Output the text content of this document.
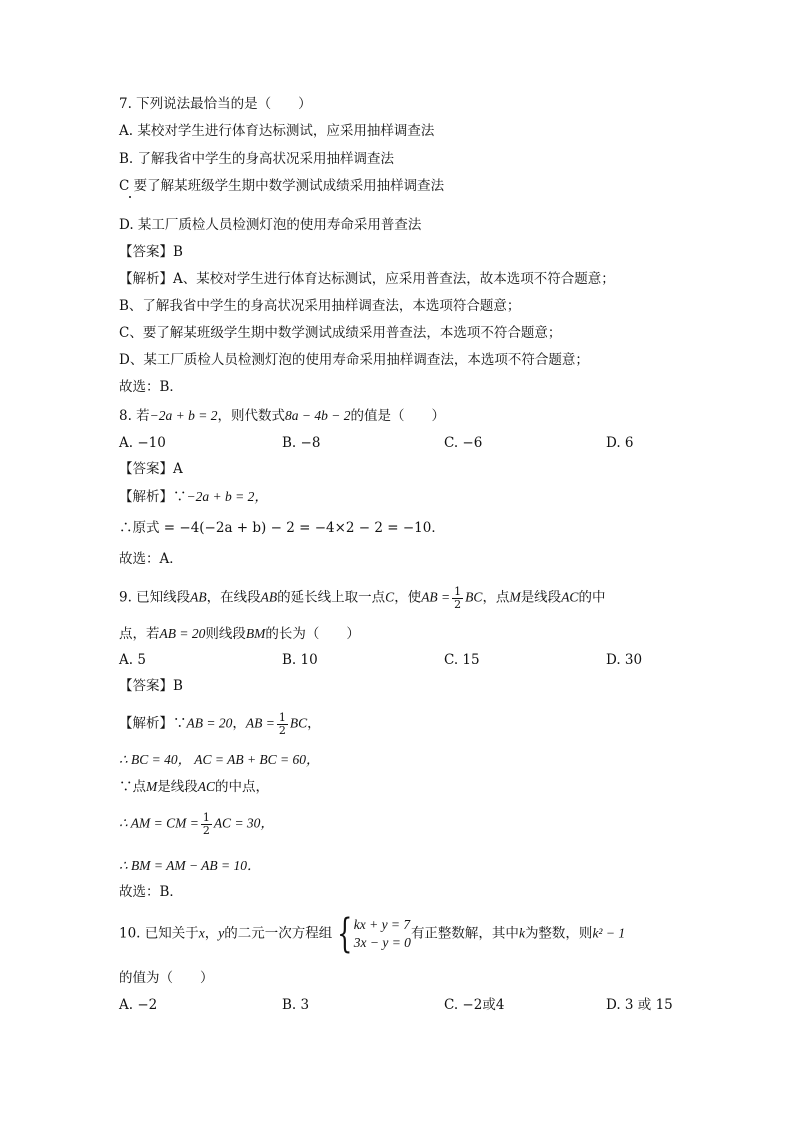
7. 下列说法最恰当的是（　　）
A. 某校对学生进行体育达标测试，应采用抽样调查法
B. 了解我省中学生的身高状况采用抽样调查法
C 要了解某班级学生期中数学测试成绩采用抽样调查法
D. 某工厂质检人员检测灯泡的使用寿命采用普查法
【答案】B
【解析】A、某校对学生进行体育达标测试，应采用普查法，故本选项不符合题意；
B、了解我省中学生的身高状况采用抽样调查法，本选项符合题意；
C、要了解某班级学生期中数学测试成绩采用普查法，本选项不符合题意；
D、某工厂质检人员检测灯泡的使用寿命采用抽样调查法，本选项不符合题意；
故选：B．
8. 若−2a + b = 2，则代数式8a − 4b − 2的值是（　　）
A. −10	B. −8	C. −6	D. 6
【答案】A
【解析】∵−2a + b = 2，
∴原式 = −4(−2a + b) − 2 = −4×2 − 2 = −10．
故选：A．
9. 已知线段AB，在线段AB的延长线上取一点C，使AB = $\frac{1}{2}$ BC，点M是线段AC的中
点，若AB = 20则线段BM的长为（　　）
A. 5	B. 10	C. 15	D. 30
【答案】B
【解析】∵AB = 20，AB = $\frac{1}{2}$ BC，
∴ BC = 40， AC = AB + BC = 60，
∵点M是线段AC的中点，
∴ AM = CM = $\frac{1}{2}$ AC = 30，
∴ BM = AM − AB = 10．
故选：B．
10. 已知关于x，y的二元一次方程组 { kx + y = 7
3x − y = 0
有正整数解，其中k为整数，则k² − 1
的值为（　　）
A. −2	B. 3	C. −2或4	D. 3 或 15
